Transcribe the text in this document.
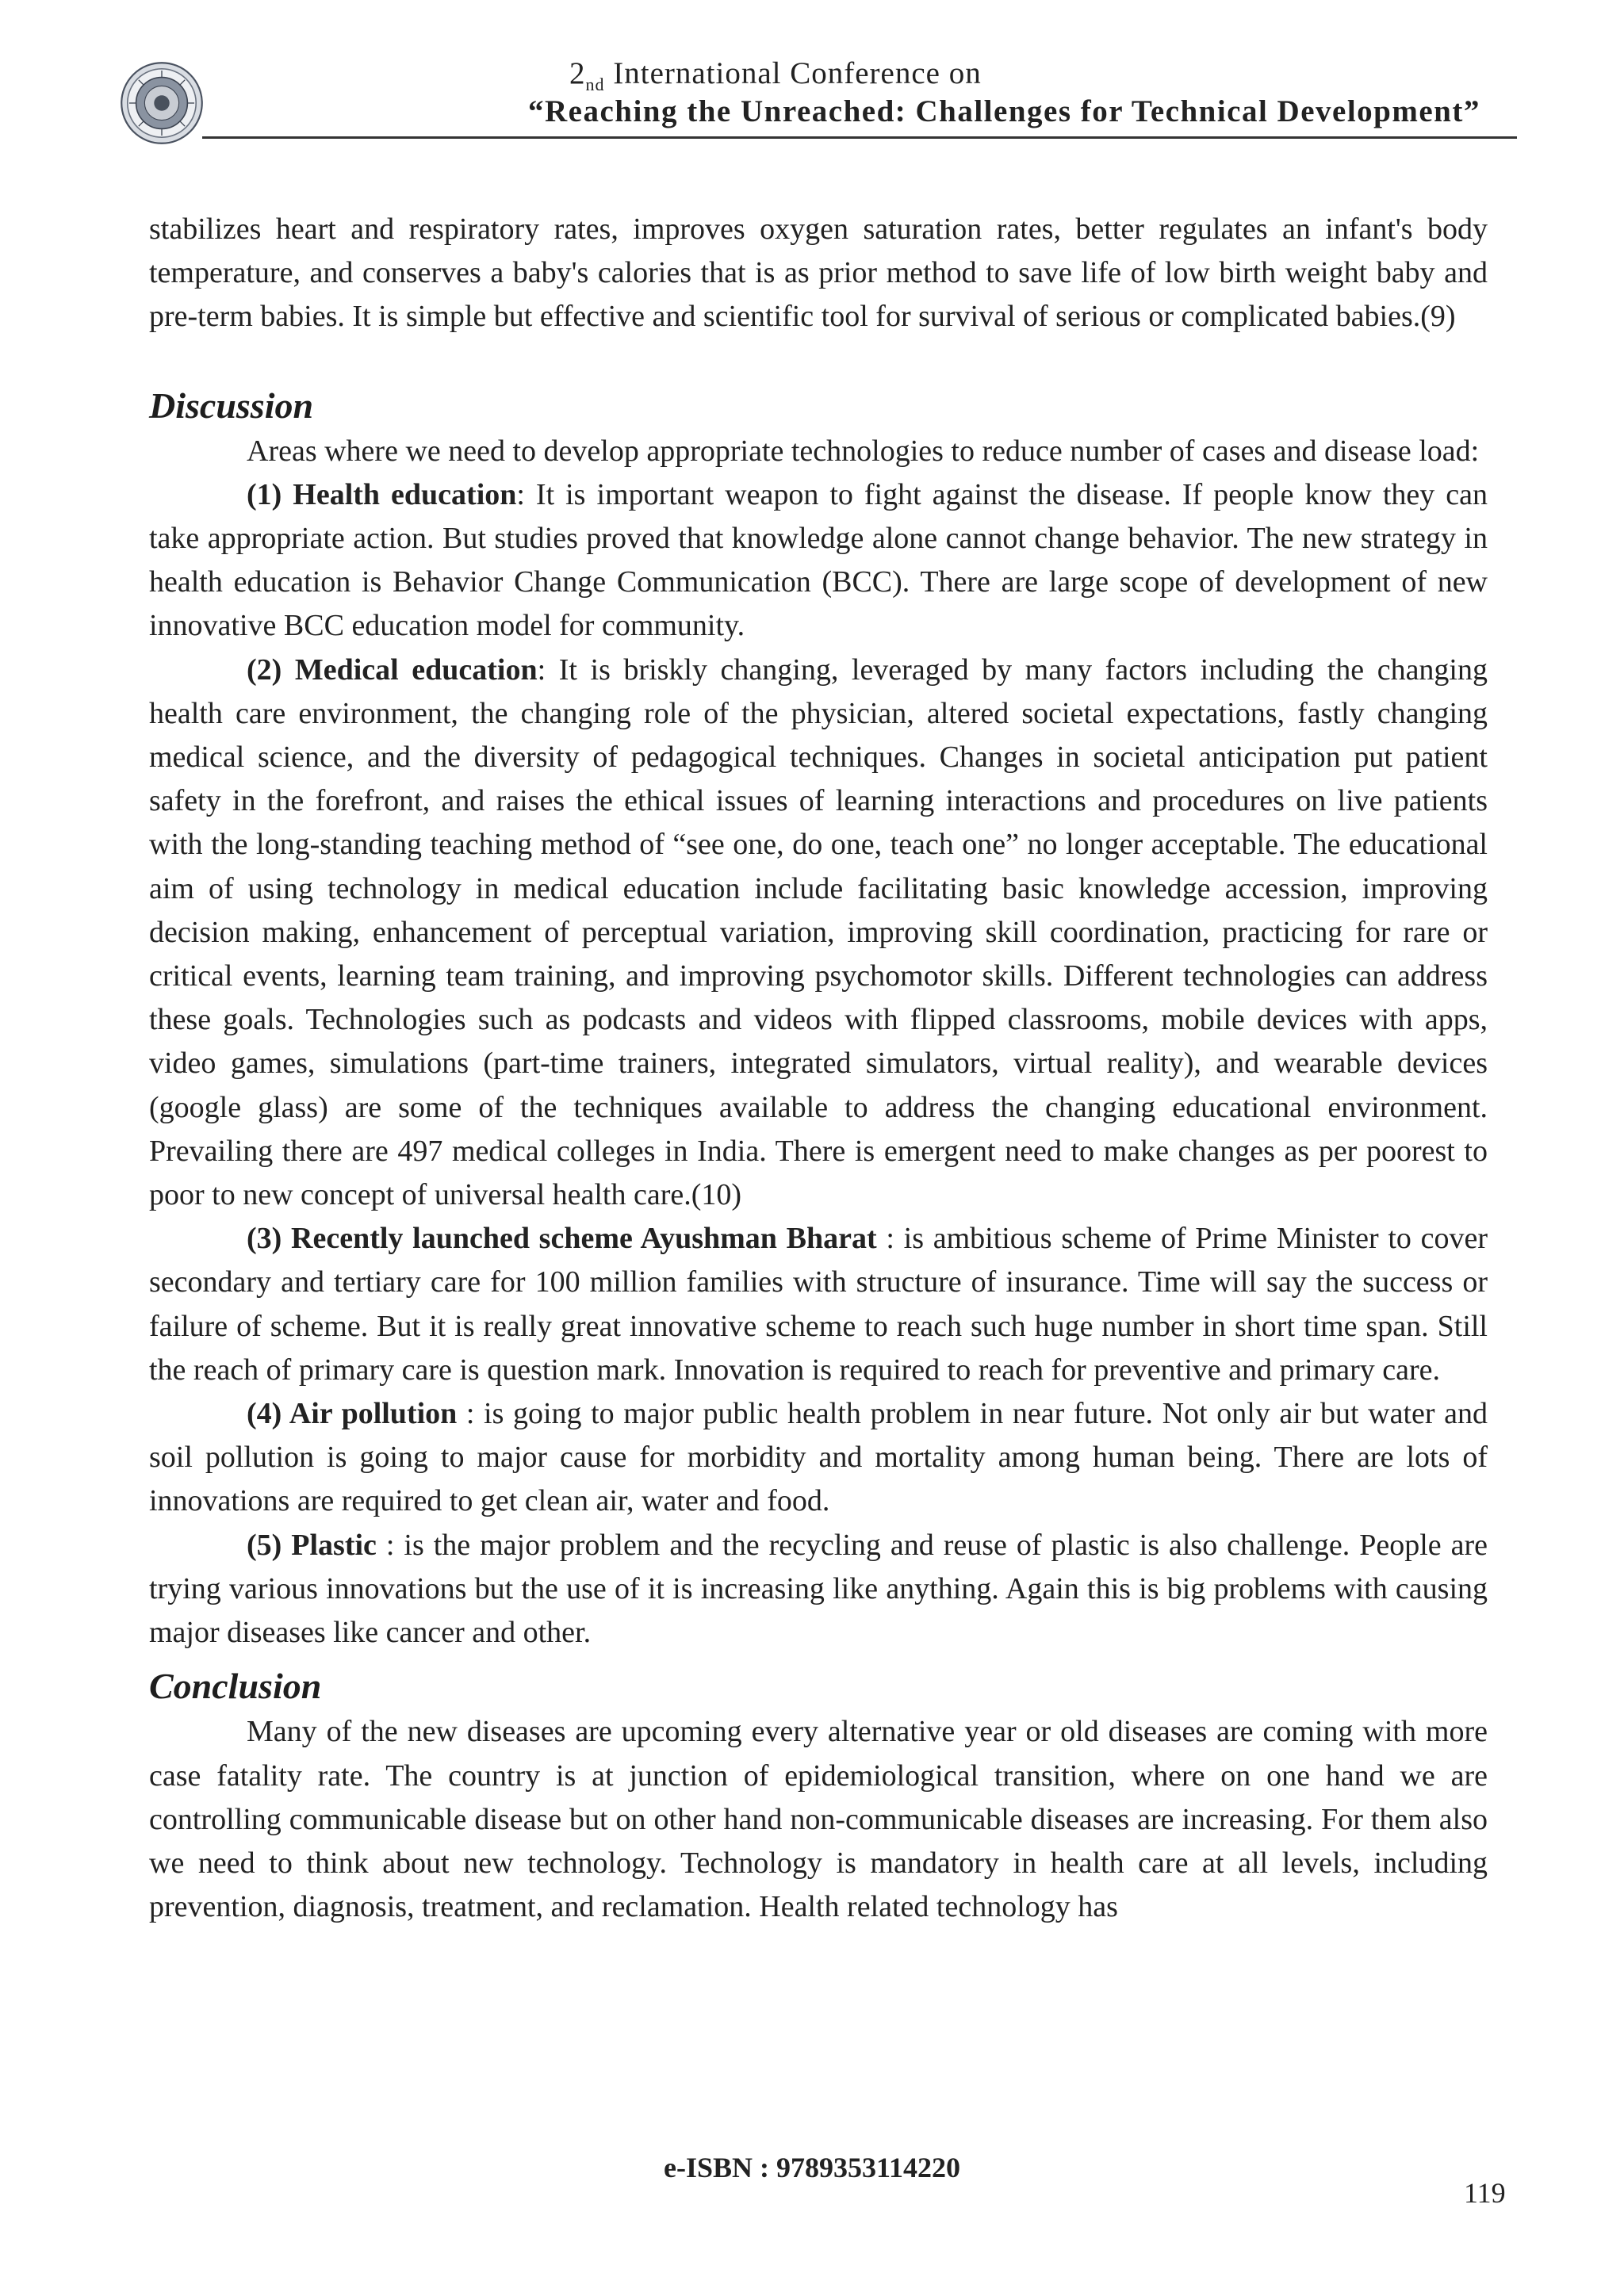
$2_{nd}$ International Conference on
“Reaching the Unreached: Challenges for Technical Development”

stabilizes heart and respiratory rates, improves oxygen saturation rates, better regulates an infant's body temperature, and conserves a baby's calories that is as prior method to save life of low birth weight baby and pre-term babies. It is simple but effective and scientific tool for survival of serious or complicated babies.(9)

Discussion

Areas where we need to develop appropriate technologies to reduce number of cases and disease load:

(1) Health education: It is important weapon to fight against the disease. If people know they can take appropriate action. But studies proved that knowledge alone cannot change behavior. The new strategy in health education is Behavior Change Communication (BCC). There are large scope of development of new innovative BCC education model for community.

(2) Medical education: It is briskly changing, leveraged by many factors including the changing health care environment, the changing role of the physician, altered societal expectations, fastly changing medical science, and the diversity of pedagogical techniques. Changes in societal anticipation put patient safety in the forefront, and raises the ethical issues of learning interactions and procedures on live patients with the long-standing teaching method of “see one, do one, teach one” no longer acceptable. The educational aim of using technology in medical education include facilitating basic knowledge accession, improving decision making, enhancement of perceptual variation, improving skill coordination, practicing for rare or critical events, learning team training, and improving psychomotor skills. Different technologies can address these goals. Technologies such as podcasts and videos with flipped classrooms, mobile devices with apps, video games, simulations (part-time trainers, integrated simulators, virtual reality), and wearable devices (google glass) are some of the techniques available to address the changing educational environment. Prevailing there are 497 medical colleges in India. There is emergent need to make changes as per poorest to poor to new concept of universal health care.(10)

(3) Recently launched scheme Ayushman Bharat : is ambitious scheme of Prime Minister to cover secondary and tertiary care for 100 million families with structure of insurance. Time will say the success or failure of scheme. But it is really great innovative scheme to reach such huge number in short time span. Still the reach of primary care is question mark. Innovation is required to reach for preventive and primary care.

(4) Air pollution : is going to major public health problem in near future. Not only air but water and soil pollution is going to major cause for morbidity and mortality among human being. There are lots of innovations are required to get clean air, water and food.

(5) Plastic : is the major problem and the recycling and reuse of plastic is also challenge. People are trying various innovations but the use of it is increasing like anything. Again this is big problems with causing major diseases like cancer and other.

Conclusion

Many of the new diseases are upcoming every alternative year or old diseases are coming with more case fatality rate. The country is at junction of epidemiological transition, where on one hand we are controlling communicable disease but on other hand non-communicable diseases are increasing. For them also we need to think about new technology. Technology is mandatory in health care at all levels, including prevention, diagnosis, treatment, and reclamation. Health related technology has

e-ISBN : 9789353114220
119
